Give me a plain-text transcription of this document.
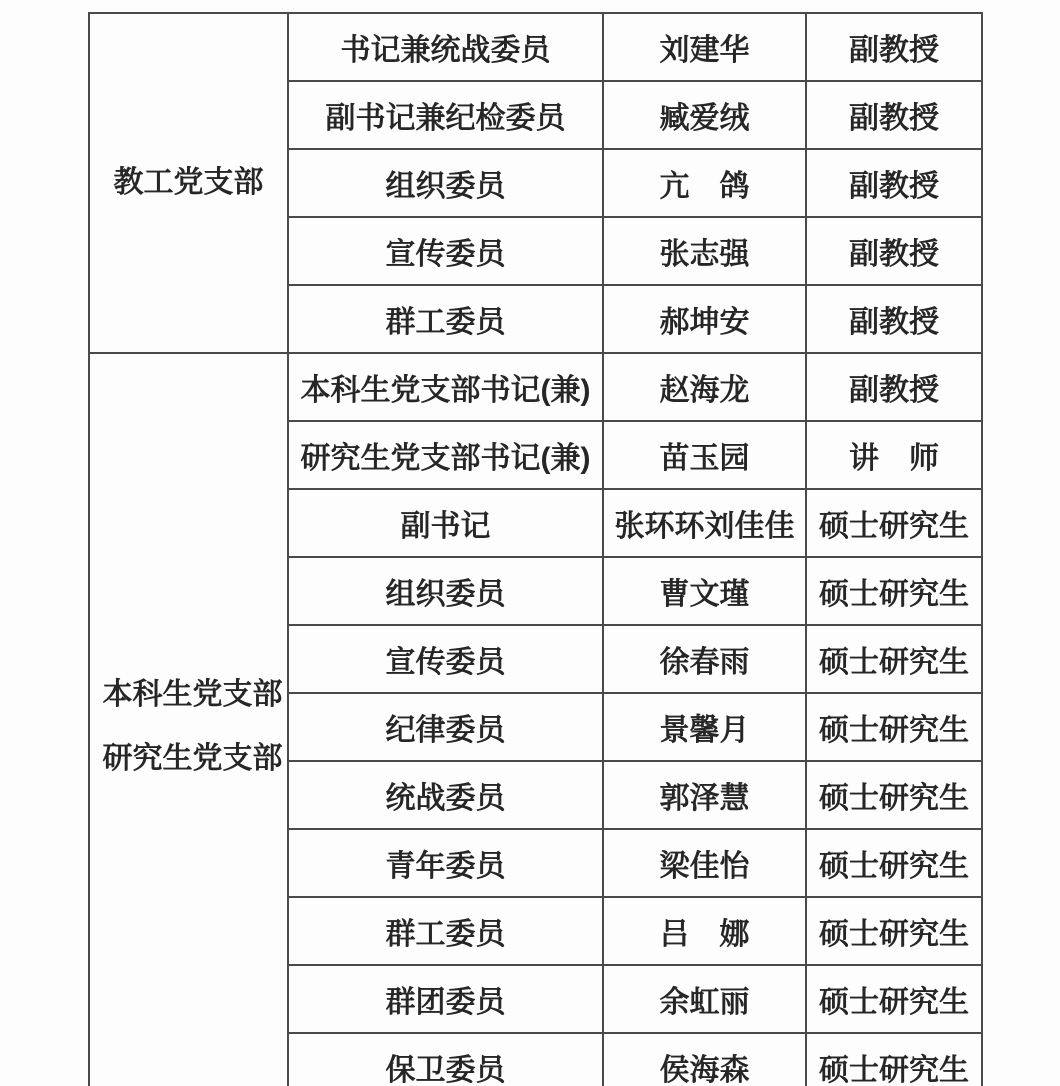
教工党支部	书记兼统战委员	刘建华	副教授
	副书记兼纪检委员	臧爱绒	副教授
	组织委员	亢　鸽	副教授
	宣传委员	张志强	副教授
	群工委员	郝坤安	副教授

本科生党支部
研究生党支部	本科生党支部书记(兼)	赵海龙	副教授
	研究生党支部书记(兼)	苗玉园	讲　师
	副书记	张环环刘佳佳	硕士研究生
	组织委员	曹文瑾	硕士研究生
	宣传委员	徐春雨	硕士研究生
	纪律委员	景馨月	硕士研究生
	统战委员	郭泽慧	硕士研究生
	青年委员	梁佳怡	硕士研究生
	群工委员	吕　娜	硕士研究生
	群团委员	余虹丽	硕士研究生
	保卫委员	侯海森	硕士研究生
